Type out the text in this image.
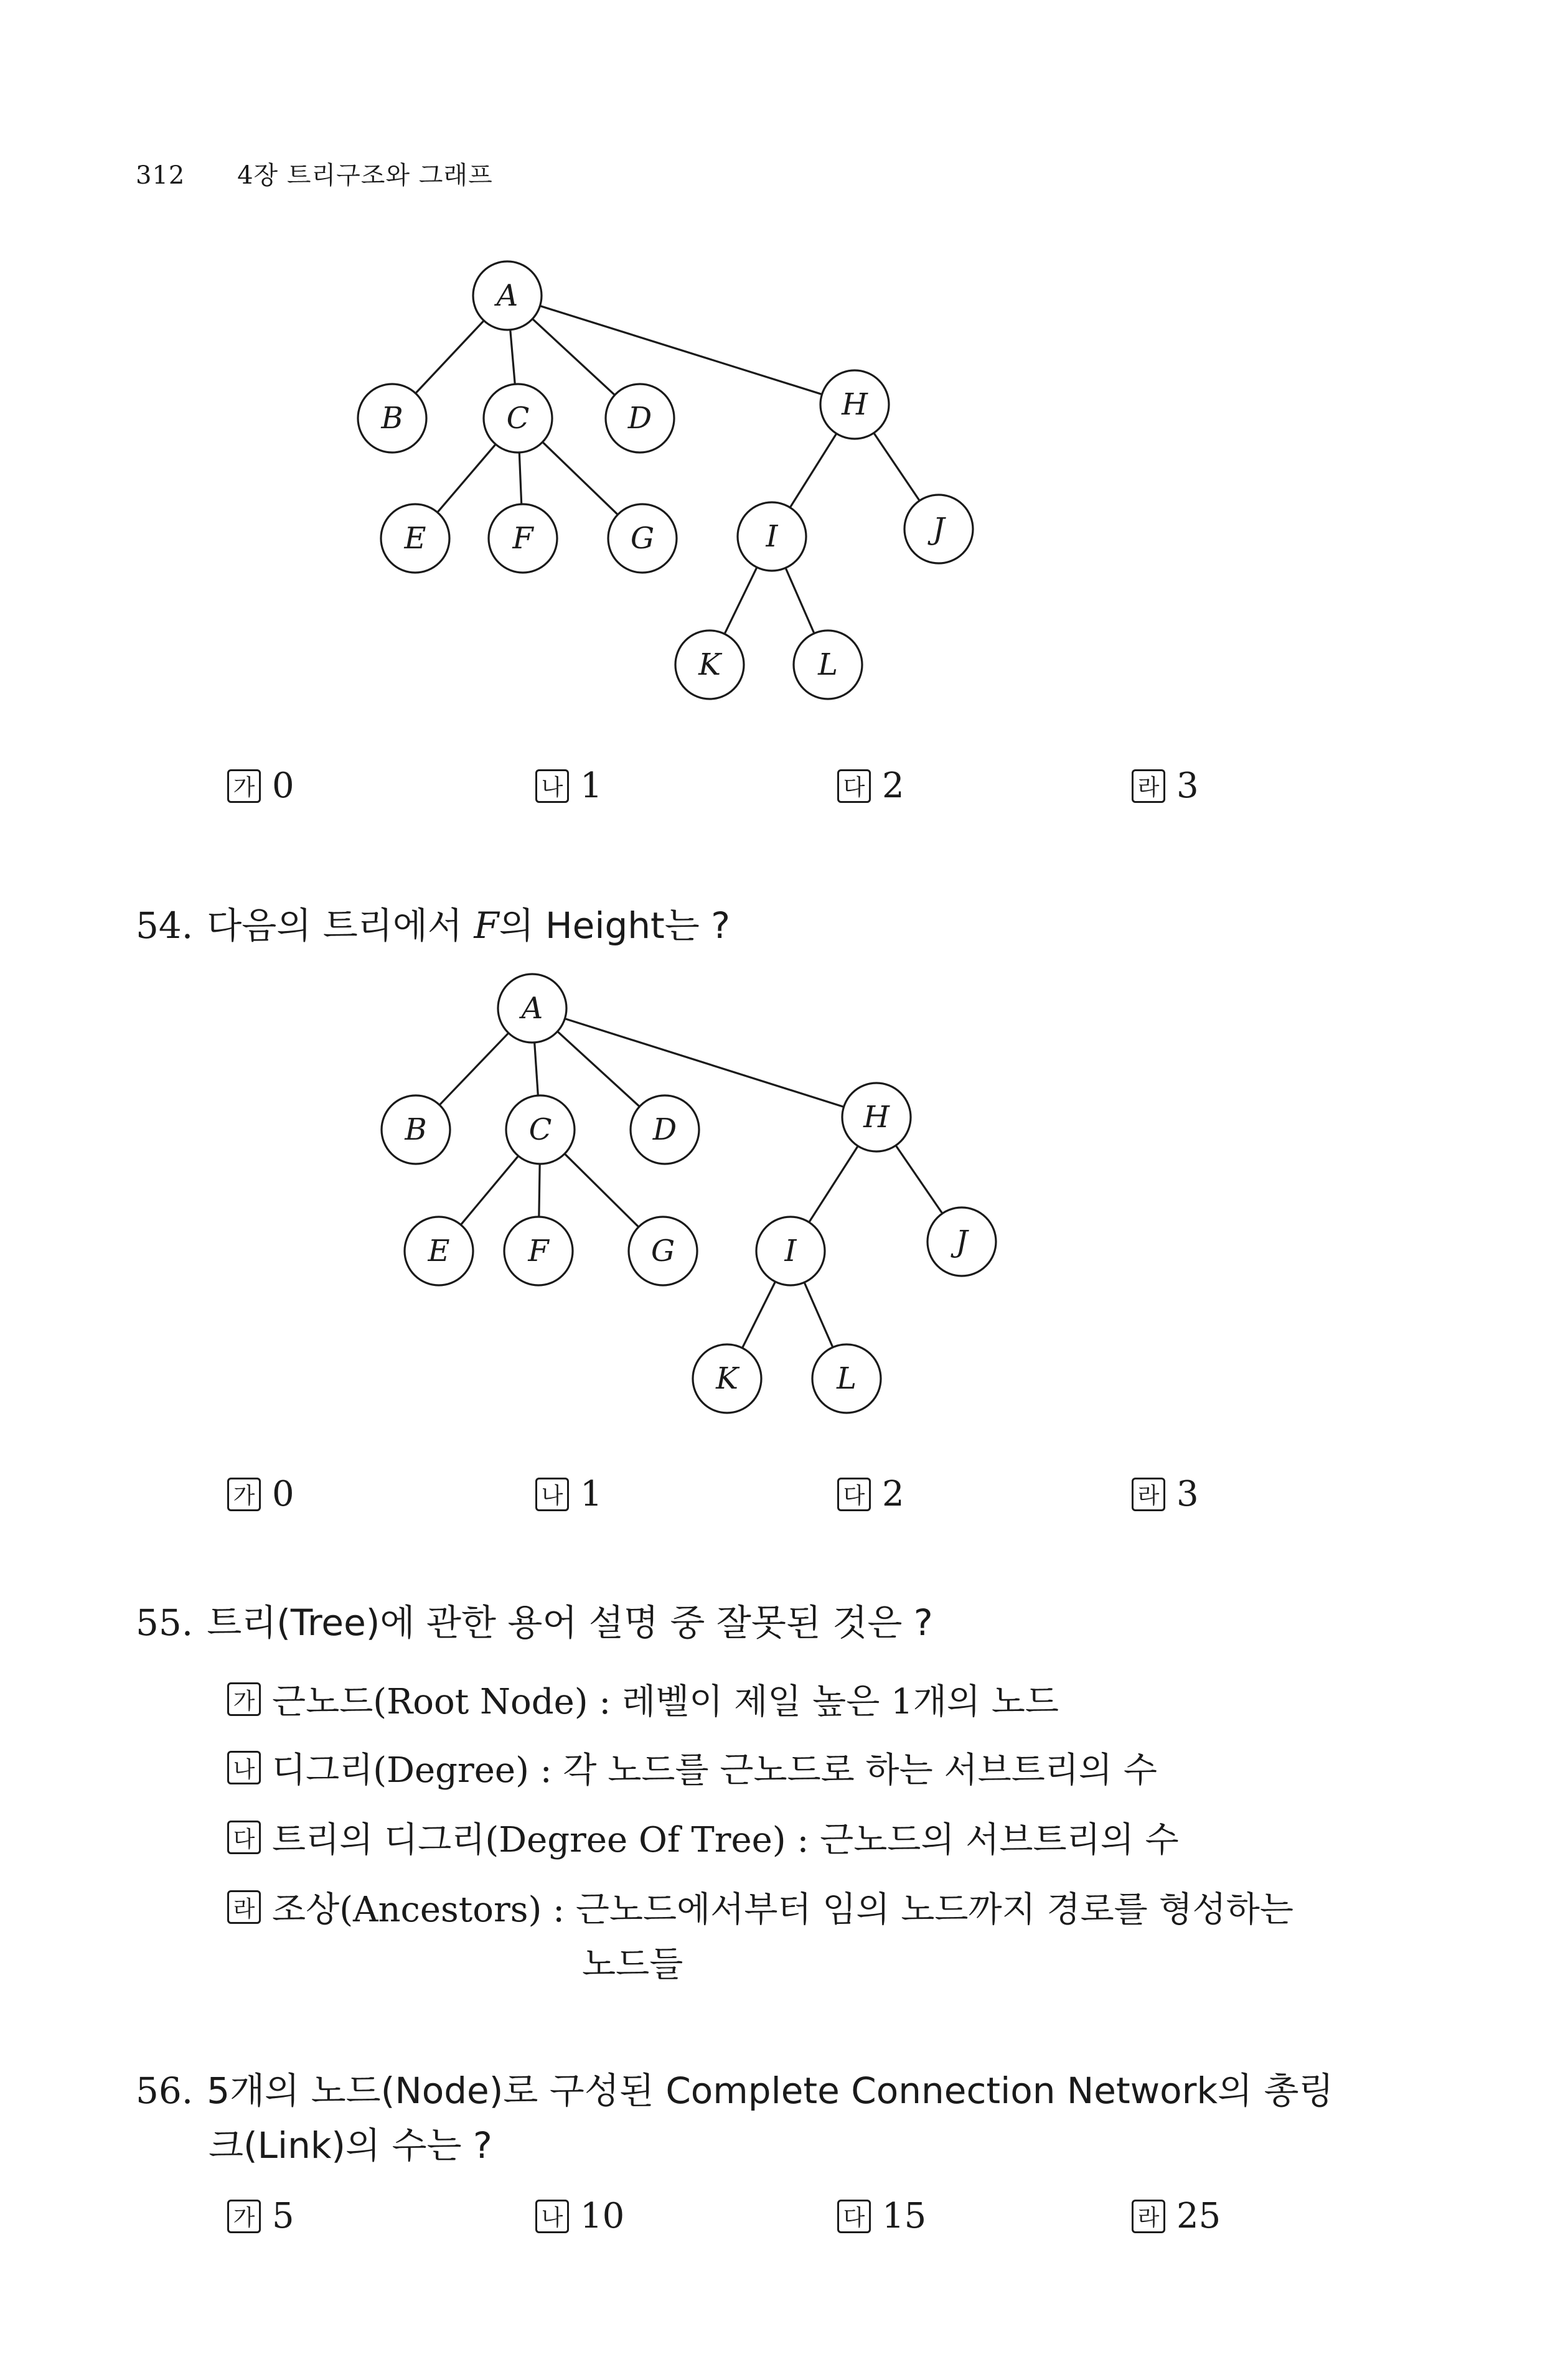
312 4장 트리구조와 그래프
A
B	C	D
E	F	G
H
I	J
K	L
가 0	나 1	다 2	라 3
54. 다음의 트리에서 F의 Height는 ?
A
B	C	D
E	F	G
H
I	J
K	L
가 0	나 1	다 2	라 3
55. 트리(Tree)에 관한 용어 설명 중 잘못된 것은 ?
가 근노드(Root Node) : 레벨이 제일 높은 1개의 노드
나 디그리(Degree) : 각 노드를 근노드로 하는 서브트리의 수
다 트리의 디그리(Degree Of Tree) : 근노드의 서브트리의 수
라 조상(Ancestors) : 근노드에서부터 임의 노드까지 경로를 형성하는
노드들
56. 5개의 노드(Node)로 구성된 Complete Connection Network의 총링
크(Link)의 수는 ?
가 5	나 10	다 15	라 25
